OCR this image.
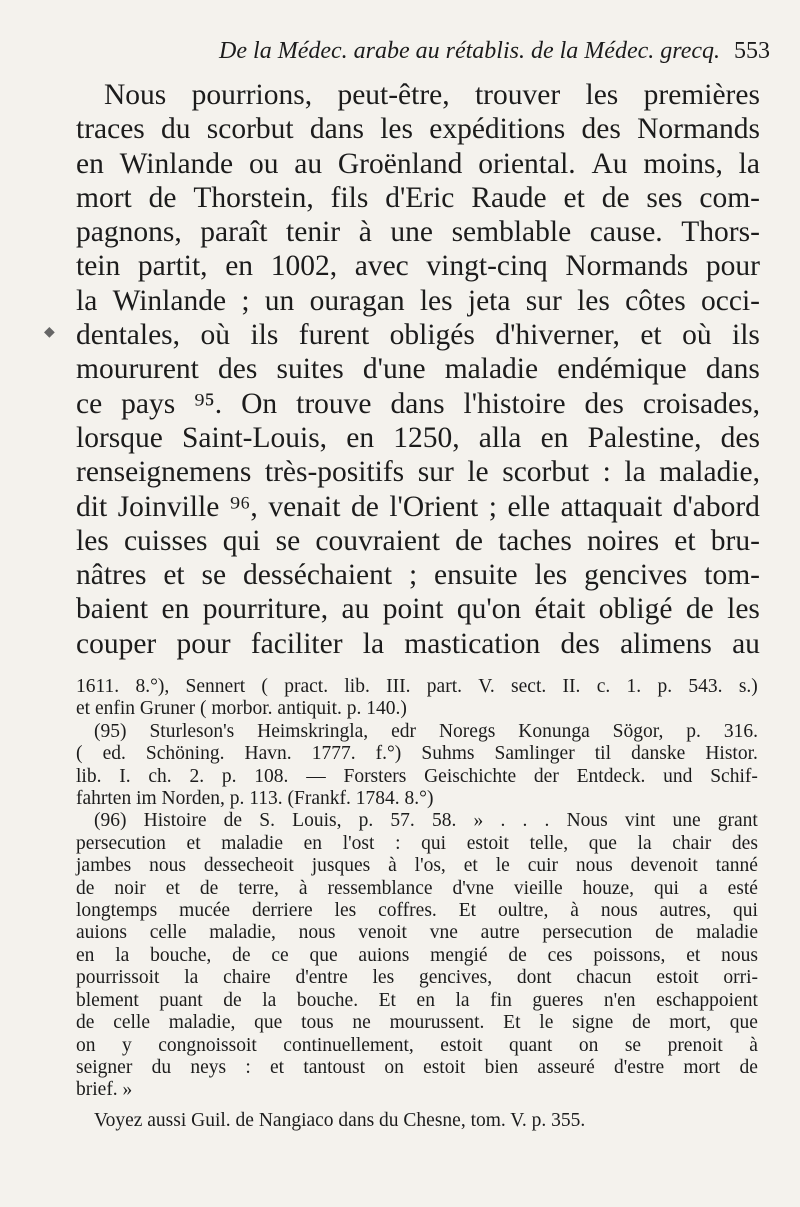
De la Médec. arabe au rétablis. de la Médec. grecq. 553
◆
Nous pourrions, peut-être, trouver les premières
traces du scorbut dans les expéditions des Normands
en Winlande ou au Groënland oriental. Au moins, la
mort de Thorstein, fils d'Eric Raude et de ses com-
pagnons, paraît tenir à une semblable cause. Thors-
tein partit, en 1002, avec vingt-cinq Normands pour
la Winlande ; un ouragan les jeta sur les côtes occi-
dentales, où ils furent obligés d'hiverner, et où ils
moururent des suites d'une maladie endémique dans
ce pays ⁹⁵. On trouve dans l'histoire des croisades,
lorsque Saint-Louis, en 1250, alla en Palestine, des
renseignemens très-positifs sur le scorbut : la maladie,
dit Joinville ⁹⁶, venait de l'Orient ; elle attaquait d'abord
les cuisses qui se couvraient de taches noires et bru-
nâtres et se desséchaient ; ensuite les gencives tom-
baient en pourriture, au point qu'on était obligé de les
couper pour faciliter la mastication des alimens au
1611. 8.°), Sennert ( pract. lib. III. part. V. sect. II. c. 1. p. 543. s.)
et enfin Gruner ( morbor. antiquit. p. 140.)
(95) Sturleson's Heimskringla, edr Noregs Konunga Sögor, p. 316.
( ed. Schöning. Havn. 1777. f.°) Suhms Samlinger til danske Histor.
lib. I. ch. 2. p. 108. — Forsters Geischichte der Entdeck. und Schif-
fahrten im Norden, p. 113. (Frankf. 1784. 8.°)
(96) Histoire de S. Louis, p. 57. 58. » . . . Nous vint une grant
persecution et maladie en l'ost : qui estoit telle, que la chair des
jambes nous dessecheoit jusques à l'os, et le cuir nous devenoit tanné
de noir et de terre, à ressemblance d'vne vieille houze, qui a esté
longtemps mucée derriere les coffres. Et oultre, à nous autres, qui
auions celle maladie, nous venoit vne autre persecution de maladie
en la bouche, de ce que auions mengié de ces poissons, et nous
pourrissoit la chaire d'entre les gencives, dont chacun estoit orri-
blement puant de la bouche. Et en la fin gueres n'en eschappoient
de celle maladie, que tous ne mourussent. Et le signe de mort, que
on y congnoissoit continuellement, estoit quant on se prenoit à
seigner du neys : et tantoust on estoit bien asseuré d'estre mort de
brief. »
Voyez aussi Guil. de Nangiaco dans du Chesne, tom. V. p. 355.
